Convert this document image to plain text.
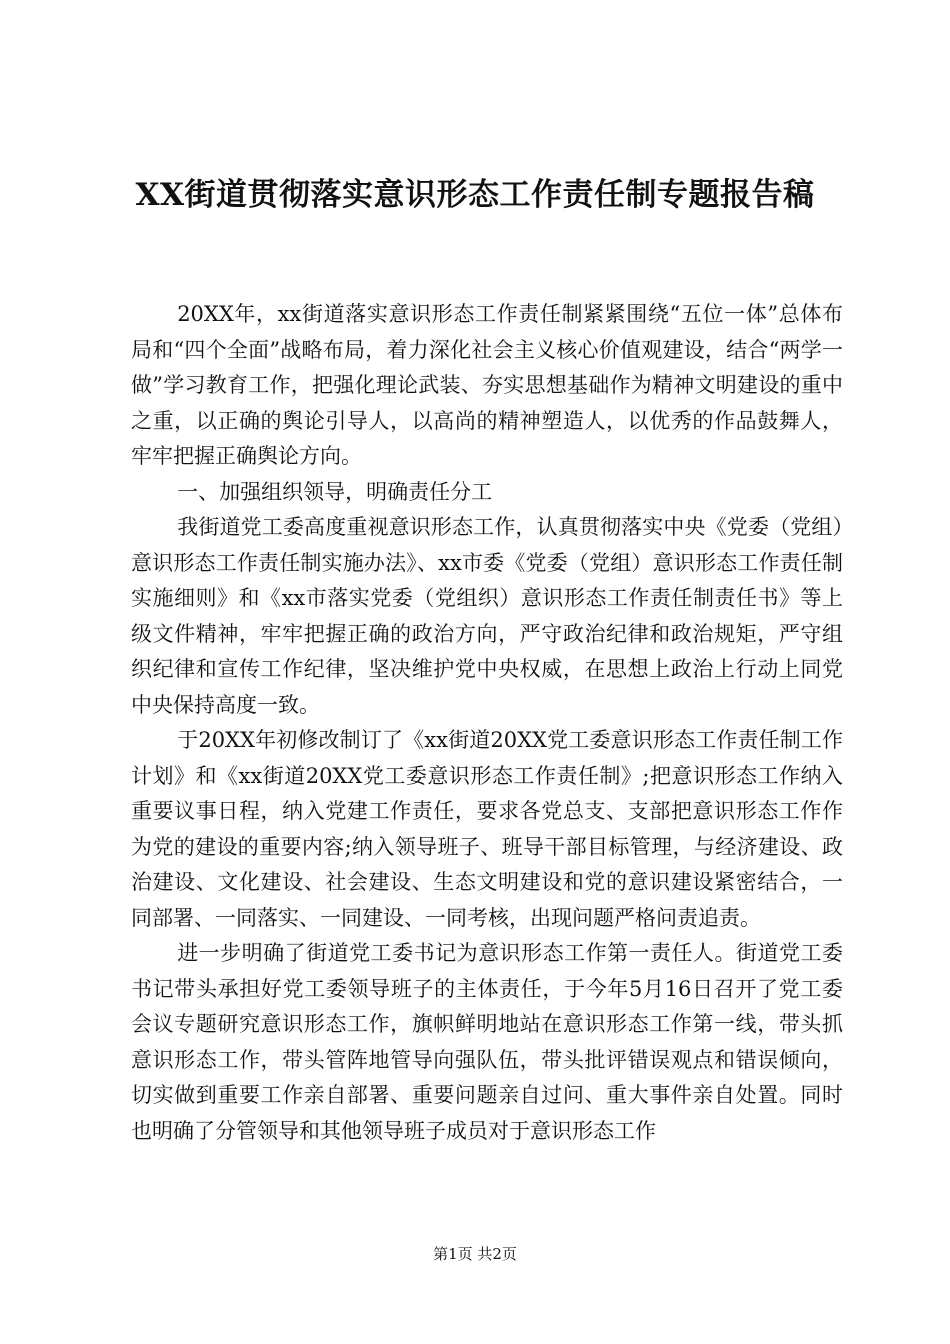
XX街道贯彻落实意识形态工作责任制专题报告稿

20XX年，xx街道落实意识形态工作责任制紧紧围绕“五位一体”总体布局和“四个全面”战略布局，着力深化社会主义核心价值观建设，结合“两学一做”学习教育工作，把强化理论武装、夯实思想基础作为精神文明建设的重中之重，以正确的舆论引导人，以高尚的精神塑造人，以优秀的作品鼓舞人，牢牢把握正确舆论方向。

一、加强组织领导，明确责任分工

我街道党工委高度重视意识形态工作，认真贯彻落实中央《党委（党组）意识形态工作责任制实施办法》、xx市委《党委（党组）意识形态工作责任制实施细则》和《xx市落实党委（党组织）意识形态工作责任制责任书》等上级文件精神，牢牢把握正确的政治方向，严守政治纪律和政治规矩，严守组织纪律和宣传工作纪律，坚决维护党中央权威，在思想上政治上行动上同党中央保持高度一致。

于20XX年初修改制订了《xx街道20XX党工委意识形态工作责任制工作计划》和《xx街道20XX党工委意识形态工作责任制》;把意识形态工作纳入重要议事日程，纳入党建工作责任，要求各党总支、支部把意识形态工作作为党的建设的重要内容;纳入领导班子、班导干部目标管理，与经济建设、政治建设、文化建设、社会建设、生态文明建设和党的意识建设紧密结合，一同部署、一同落实、一同建设、一同考核，出现问题严格问责追责。

进一步明确了街道党工委书记为意识形态工作第一责任人。街道党工委书记带头承担好党工委领导班子的主体责任，于今年5月16日召开了党工委会议专题研究意识形态工作，旗帜鲜明地站在意识形态工作第一线，带头抓意识形态工作，带头管阵地管导向强队伍，带头批评错误观点和错误倾向，切实做到重要工作亲自部署、重要问题亲自过问、重大事件亲自处置。同时也明确了分管领导和其他领导班子成员对于意识形态工作

第1页 共2页
